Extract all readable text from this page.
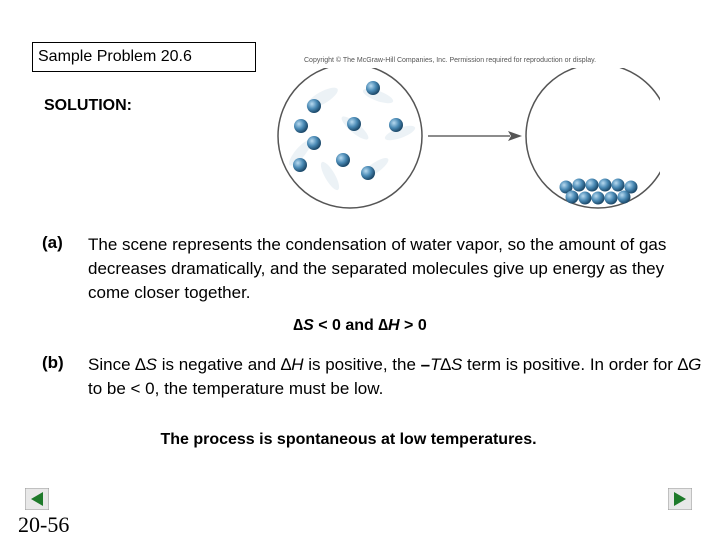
Sample Problem 20.6	Copyright © The McGraw-Hill Companies, Inc. Permission required for reproduction or display.
SOLUTION:
(a) The scene represents the condensation of water vapor, so the amount of gas decreases dramatically, and the separated molecules give up energy as they come closer together.
∆S < 0 and ∆H > 0
(b) Since ∆S is negative and ∆H is positive, the –T∆S term is positive. In order for ∆G to be < 0, the temperature must be low.
The process is spontaneous at low temperatures.
20-56
